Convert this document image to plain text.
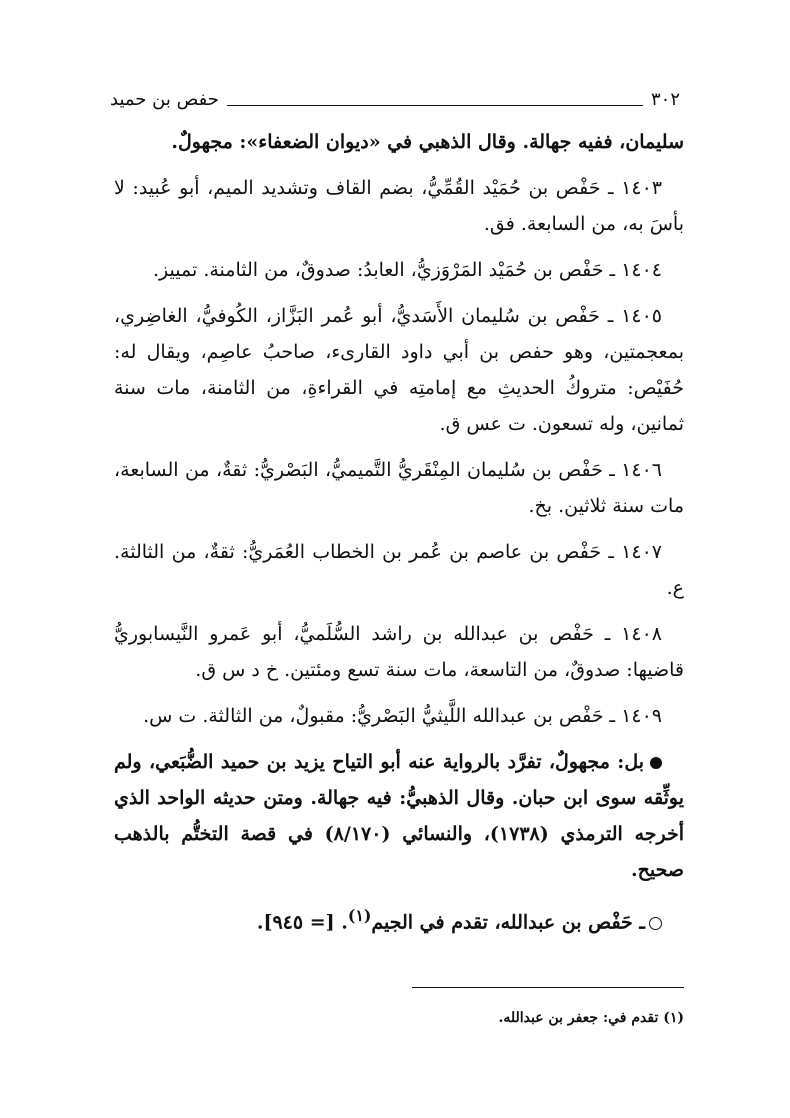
٣٠٢
حفص بن حميد

سليمان، ففيه جهالة. وقال الذهبي في «ديوان الضعفاء»: مجهولٌ.

١٤٠٣ ـ حَفْص بن حُمَيْد القُمِّيُّ، بضم القاف وتشديد الميم، أبو عُبيد: لا بأسَ به، من السابعة. فق.

١٤٠٤ ـ حَفْص بن حُمَيْد المَرْوَزيُّ، العابدُ: صدوقٌ، من الثامنة. تمييز.

١٤٠٥ ـ حَفْص بن سُليمان الأَسَديُّ، أبو عُمر البَزَّاز، الكُوفيُّ، الغاضِري، بمعجمتين، وهو حفص بن أبي داود القارىء، صاحبُ عاصِم، ويقال له: حُفَيْص: متروكُ الحديثِ مع إمامتِه في القراءةِ، من الثامنة، مات سنة ثمانين، وله تسعون. ت عس ق.

١٤٠٦ ـ حَفْص بن سُليمان المِنْقَريُّ التَّميميُّ، البَصْريُّ: ثقةٌ، من السابعة، مات سنة ثلاثين. بخ.

١٤٠٧ ـ حَفْص بن عاصم بن عُمر بن الخطاب العُمَريُّ: ثقةٌ، من الثالثة. ع.

١٤٠٨ ـ حَفْص بن عبدالله بن راشد السُّلَميُّ، أبو عَمرو النَّيسابوريُّ قاضيها: صدوقٌ، من التاسعة، مات سنة تسع ومئتين. خ د س ق.

١٤٠٩ ـ حَفْص بن عبدالله اللَّيثيُّ البَصْريُّ: مقبولٌ، من الثالثة. ت س.

بل: مجهولٌ، تفرَّد بالرواية عنه أبو التياح يزيد بن حميد الضُّبَعي، ولم يوثِّقه سوى ابن حبان. وقال الذهبيُّ: فيه جهالة. ومتن حديثه الواحد الذي أخرجه الترمذي (١٧٣٨)، والنسائي (٨/١٧٠) في قصة التختُّم بالذهب صحيح.

ـ حَفْص بن عبدالله، تقدم في الجيم$^{(١)}$. [= ٩٤٥].

(١) تقدم في: جعفر بن عبدالله.
